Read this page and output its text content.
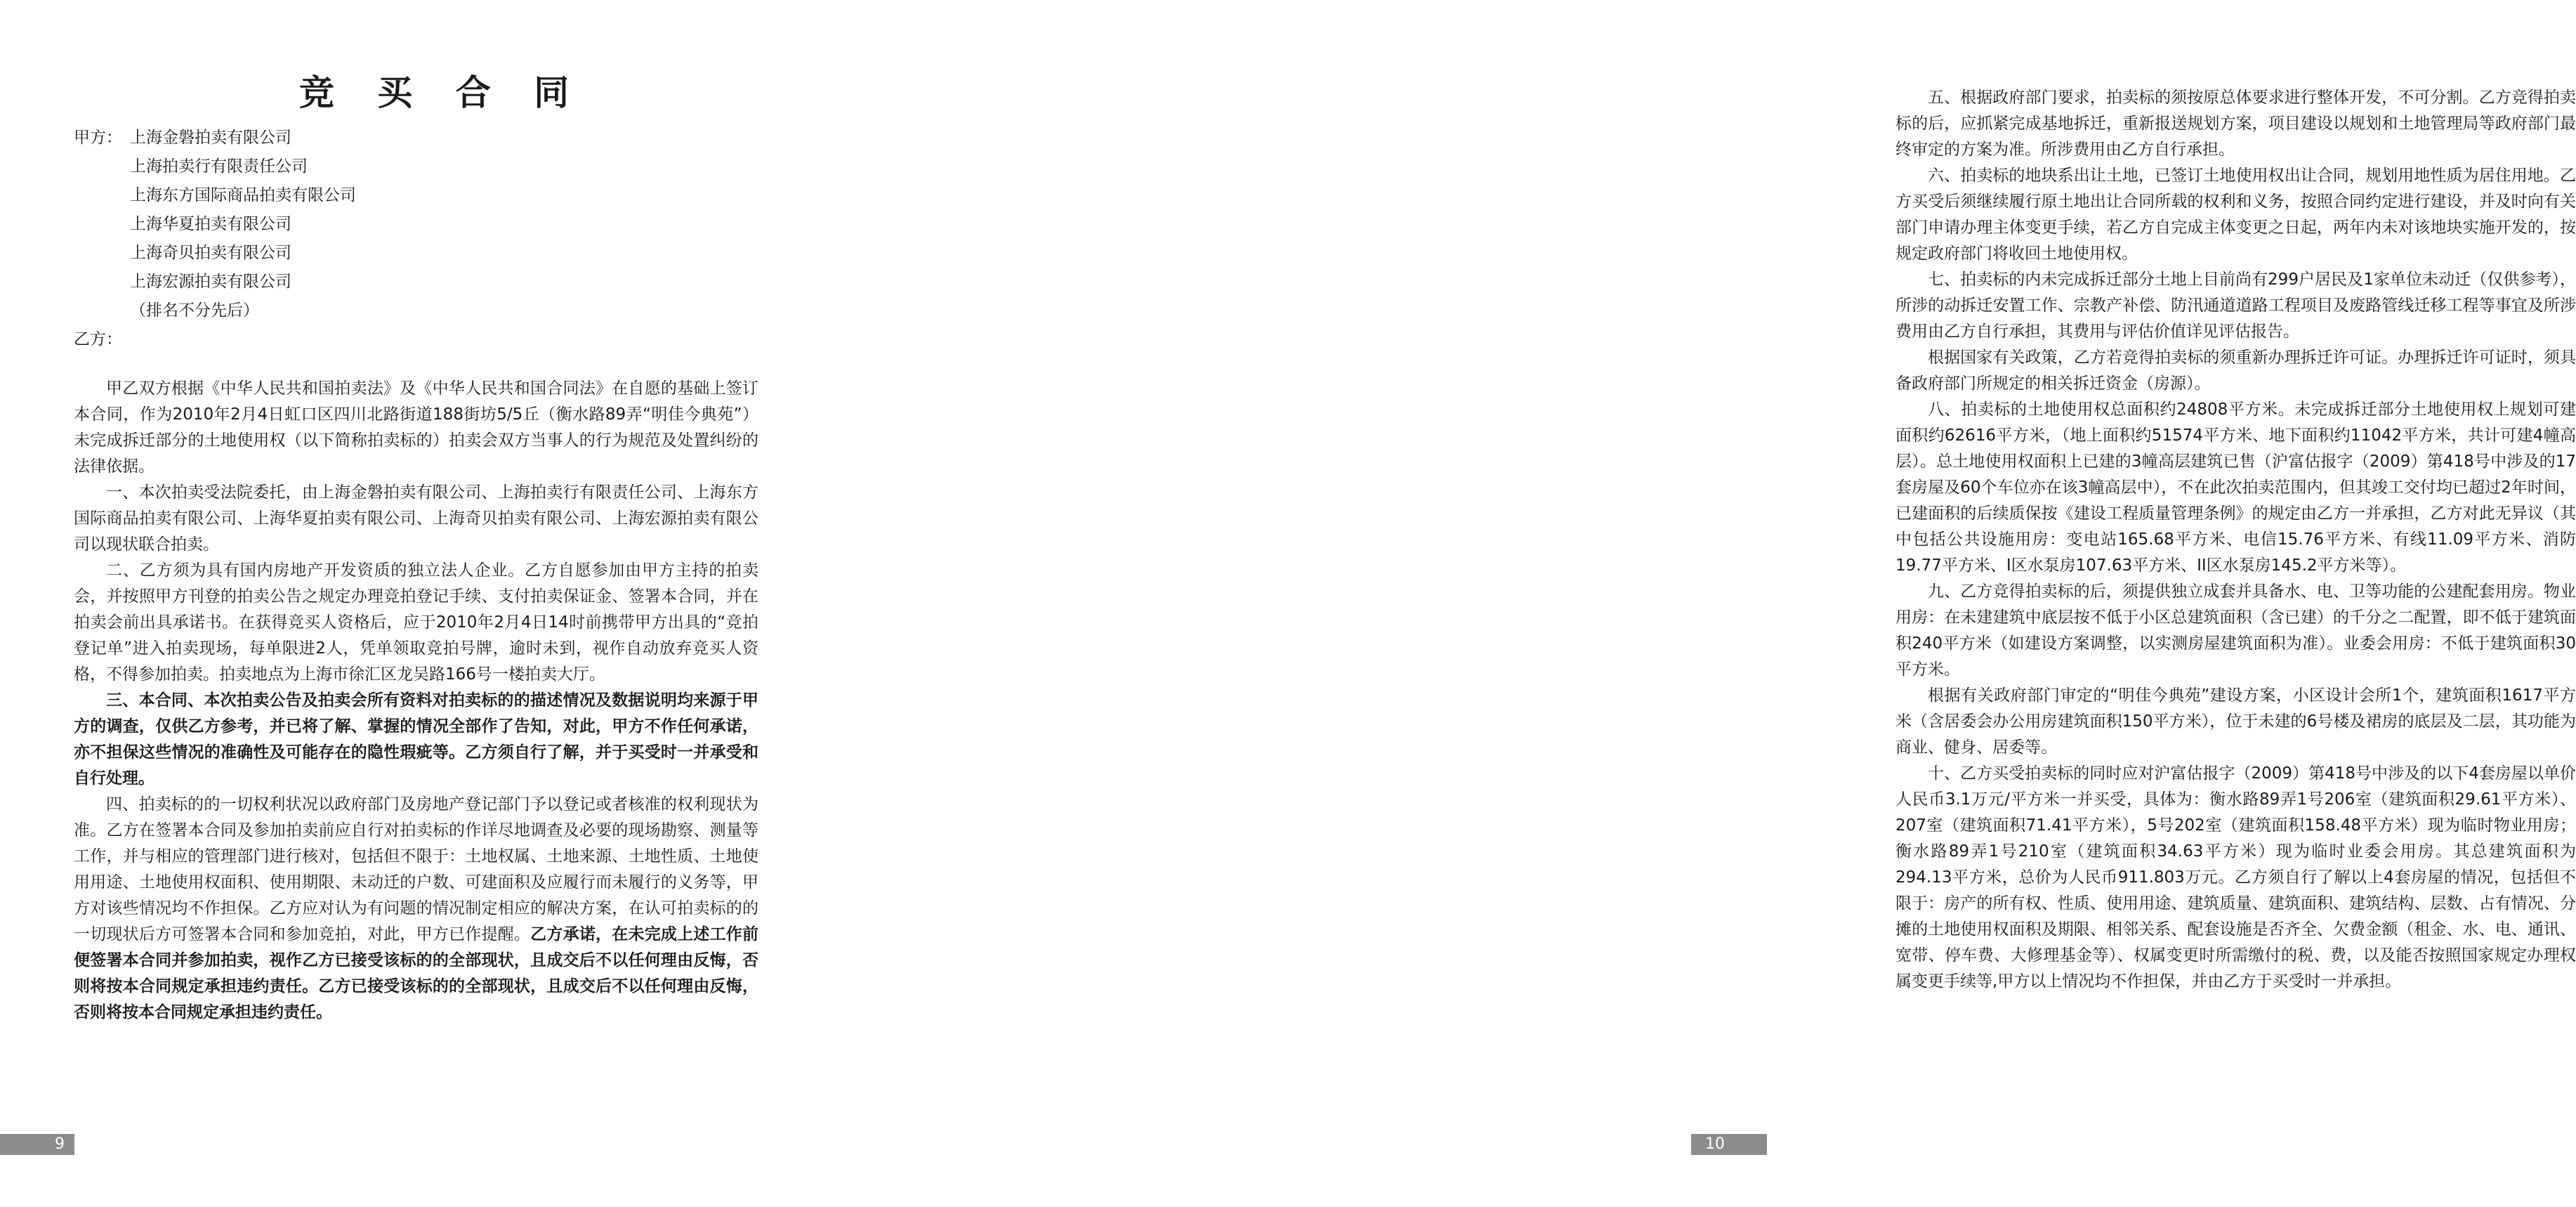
竞 买 合 同
甲方： 上海金磐拍卖有限公司
上海拍卖行有限责任公司
上海东方国际商品拍卖有限公司
上海华夏拍卖有限公司
上海奇贝拍卖有限公司
上海宏源拍卖有限公司
（排名不分先后）
乙方：

甲乙双方根据《中华人民共和国拍卖法》及《中华人民共和国合同法》在自愿的基础上签订本合同，作为2010年2月4日虹口区四川北路街道188街坊5/5丘（衡水路89弄“明佳今典苑”）未完成拆迁部分的土地使用权（以下简称拍卖标的）拍卖会双方当事人的行为规范及处置纠纷的法律依据。

一、本次拍卖受法院委托，由上海金磐拍卖有限公司、上海拍卖行有限责任公司、上海东方国际商品拍卖有限公司、上海华夏拍卖有限公司、上海奇贝拍卖有限公司、上海宏源拍卖有限公司以现状联合拍卖。

二、乙方须为具有国内房地产开发资质的独立法人企业。乙方自愿参加由甲方主持的拍卖会，并按照甲方刊登的拍卖公告之规定办理竞拍登记手续、支付拍卖保证金、签署本合同，并在拍卖会前出具承诺书。在获得竞买人资格后，应于2010年2月4日14时前携带甲方出具的“竞拍登记单”进入拍卖现场，每单限进2人，凭单领取竞拍号牌，逾时未到，视作自动放弃竞买人资格，不得参加拍卖。拍卖地点为上海市徐汇区龙吴路166号一楼拍卖大厅。

三、本合同、本次拍卖公告及拍卖会所有资料对拍卖标的的描述情况及数据说明均来源于甲方的调查，仅供乙方参考，并已将了解、掌握的情况全部作了告知，对此，甲方不作任何承诺，亦不担保这些情况的准确性及可能存在的隐性瑕疵等。乙方须自行了解，并于买受时一并承受和自行处理。

四、拍卖标的的一切权利状况以政府部门及房地产登记部门予以登记或者核准的权利现状为准。乙方在签署本合同及参加拍卖前应自行对拍卖标的作详尽地调查及必要的现场勘察、测量等工作，并与相应的管理部门进行核对，包括但不限于：土地权属、土地来源、土地性质、土地使用用途、土地使用权面积、使用期限、未动迁的户数、可建面积及应履行而未履行的义务等，甲方对该些情况均不作担保。乙方应对认为有问题的情况制定相应的解决方案，在认可拍卖标的的一切现状后方可签署本合同和参加竞拍，对此，甲方已作提醒。乙方承诺，在未完成上述工作前便签署本合同并参加拍卖，视作乙方已接受该标的的全部现状，且成交后不以任何理由反悔，否则将按本合同规定承担违约责任。乙方已接受该标的的全部现状，且成交后不以任何理由反悔，否则将按本合同规定承担违约责任。

9

五、根据政府部门要求，拍卖标的须按原总体要求进行整体开发，不可分割。乙方竞得拍卖标的后，应抓紧完成基地拆迁，重新报送规划方案，项目建设以规划和土地管理局等政府部门最终审定的方案为准。所涉费用由乙方自行承担。

六、拍卖标的地块系出让土地，已签订土地使用权出让合同，规划用地性质为居住用地。乙方买受后须继续履行原土地出让合同所载的权利和义务，按照合同约定进行建设，并及时向有关部门申请办理主体变更手续，若乙方自完成主体变更之日起，两年内未对该地块实施开发的，按规定政府部门将收回土地使用权。

七、拍卖标的内未完成拆迁部分土地上目前尚有299户居民及1家单位未动迁（仅供参考），所涉的动拆迁安置工作、宗教产补偿、防汛通道道路工程项目及废路管线迁移工程等事宜及所涉费用由乙方自行承担，其费用与评估价值详见评估报告。

根据国家有关政策，乙方若竞得拍卖标的须重新办理拆迁许可证。办理拆迁许可证时，须具备政府部门所规定的相关拆迁资金（房源）。

八、拍卖标的土地使用权总面积约24808平方米。未完成拆迁部分土地使用权上规划可建面积约62616平方米，（地上面积约51574平方米、地下面积约11042平方米，共计可建4幢高层）。总土地使用权面积上已建的3幢高层建筑已售（沪富估报字（2009）第418号中涉及的17套房屋及60个车位亦在该3幢高层中），不在此次拍卖范围内，但其竣工交付均已超过2年时间，已建面积的后续质保按《建设工程质量管理条例》的规定由乙方一并承担，乙方对此无异议（其中包括公共设施用房：变电站165.68平方米、电信15.76平方米、有线11.09平方米、消防19.77平方米、I区水泵房107.63平方米、II区水泵房145.2平方米等）。

九、乙方竞得拍卖标的后，须提供独立成套并具备水、电、卫等功能的公建配套用房。物业用房：在未建建筑中底层按不低于小区总建筑面积（含已建）的千分之二配置，即不低于建筑面积240平方米（如建设方案调整，以实测房屋建筑面积为准）。业委会用房：不低于建筑面积30 平方米。

根据有关政府部门审定的“明佳今典苑”建设方案，小区设计会所1个，建筑面积1617平方米（含居委会办公用房建筑面积150平方米），位于未建的6号楼及裙房的底层及二层，其功能为商业、健身、居委等。

十、乙方买受拍卖标的同时应对沪富估报字（2009）第418号中涉及的以下4套房屋以单价人民币3.1万元/平方米一并买受，具体为：衡水路89弄1号206室（建筑面积29.61平方米）、207室（建筑面积71.41平方米），5号202室（建筑面积158.48平方米）现为临时物业用房；衡水路89弄1号210室（建筑面积34.63平方米）现为临时业委会用房。其总建筑面积为294.13平方米，总价为人民币911.803万元。乙方须自行了解以上4套房屋的情况，包括但不限于：房产的所有权、性质、使用用途、建筑质量、建筑面积、建筑结构、层数、占有情况、分摊的土地使用权面积及期限、相邻关系、配套设施是否齐全、欠费金额（租金、水、电、通讯、宽带、停车费、大修理基金等）、权属变更时所需缴付的税、费，以及能否按照国家规定办理权属变更手续等,甲方以上情况均不作担保，并由乙方于买受时一并承担。

10
